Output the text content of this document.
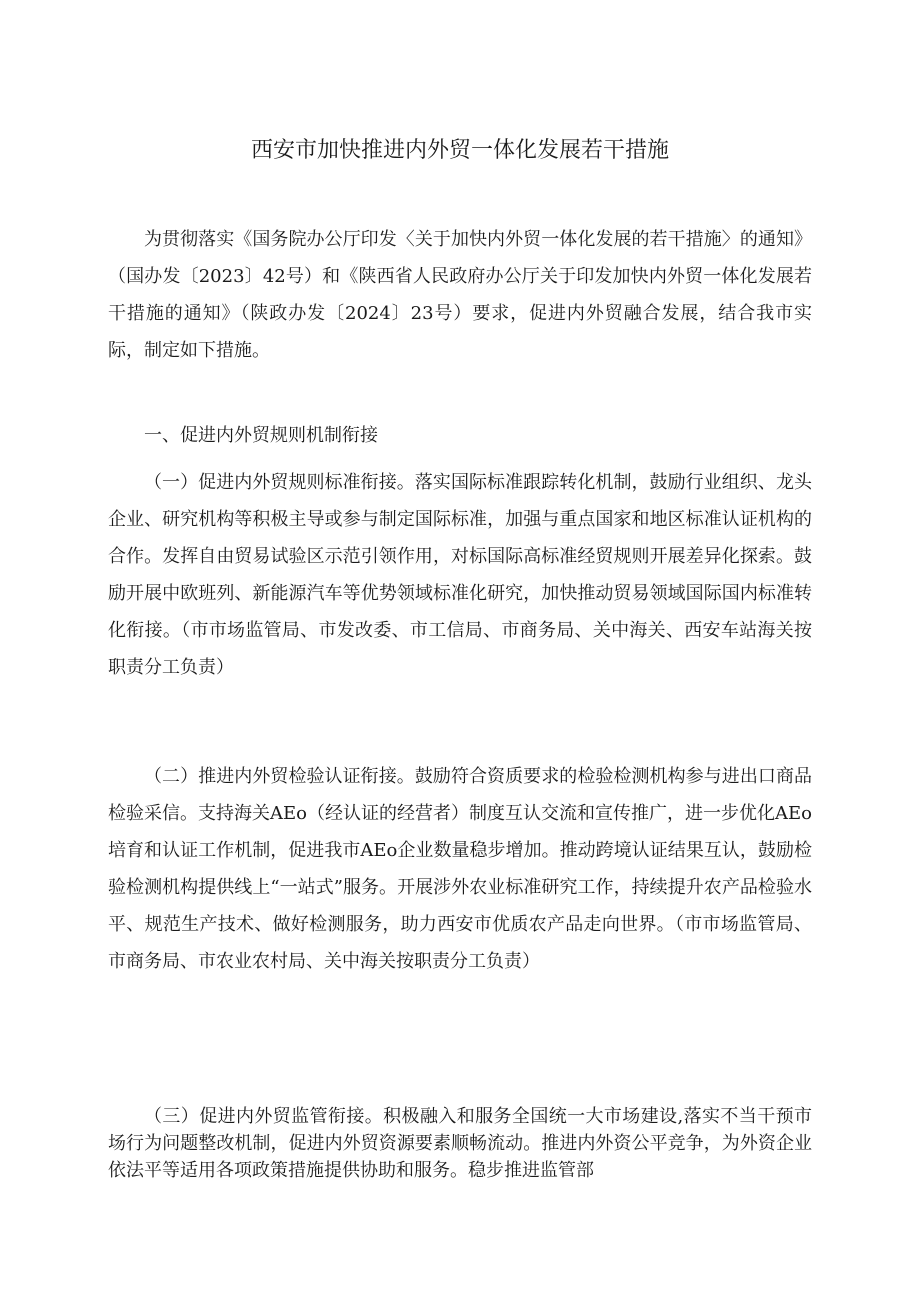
西安市加快推进内外贸一体化发展若干措施

为贯彻落实《国务院办公厅印发〈关于加快内外贸一体化发展的若干措施〉的通知》（国办发〔2023〕42号）和《陕西省人民政府办公厅关于印发加快内外贸一体化发展若干措施的通知》（陕政办发〔2024〕23号）要求，促进内外贸融合发展，结合我市实际，制定如下措施。

一、促进内外贸规则机制衔接

（一）促进内外贸规则标准衔接。落实国际标准跟踪转化机制，鼓励行业组织、龙头企业、研究机构等积极主导或参与制定国际标准，加强与重点国家和地区标准认证机构的合作。发挥自由贸易试验区示范引领作用，对标国际高标准经贸规则开展差异化探索。鼓励开展中欧班列、新能源汽车等优势领域标准化研究，加快推动贸易领域国际国内标准转化衔接。（市市场监管局、市发改委、市工信局、市商务局、关中海关、西安车站海关按职责分工负责）

（二）推进内外贸检验认证衔接。鼓励符合资质要求的检验检测机构参与进出口商品检验采信。支持海关AEo（经认证的经营者）制度互认交流和宣传推广，进一步优化AEo培育和认证工作机制，促进我市AEo企业数量稳步增加。推动跨境认证结果互认，鼓励检验检测机构提供线上“一站式”服务。开展涉外农业标准研究工作，持续提升农产品检验水平、规范生产技术、做好检测服务，助力西安市优质农产品走向世界。（市市场监管局、市商务局、市农业农村局、关中海关按职责分工负责）

（三）促进内外贸监管衔接。积极融入和服务全国统一大市场建设,落实不当干预市场行为问题整改机制，促进内外贸资源要素顺畅流动。推进内外资公平竞争，为外资企业依法平等适用各项政策措施提供协助和服务。稳步推进监管部
